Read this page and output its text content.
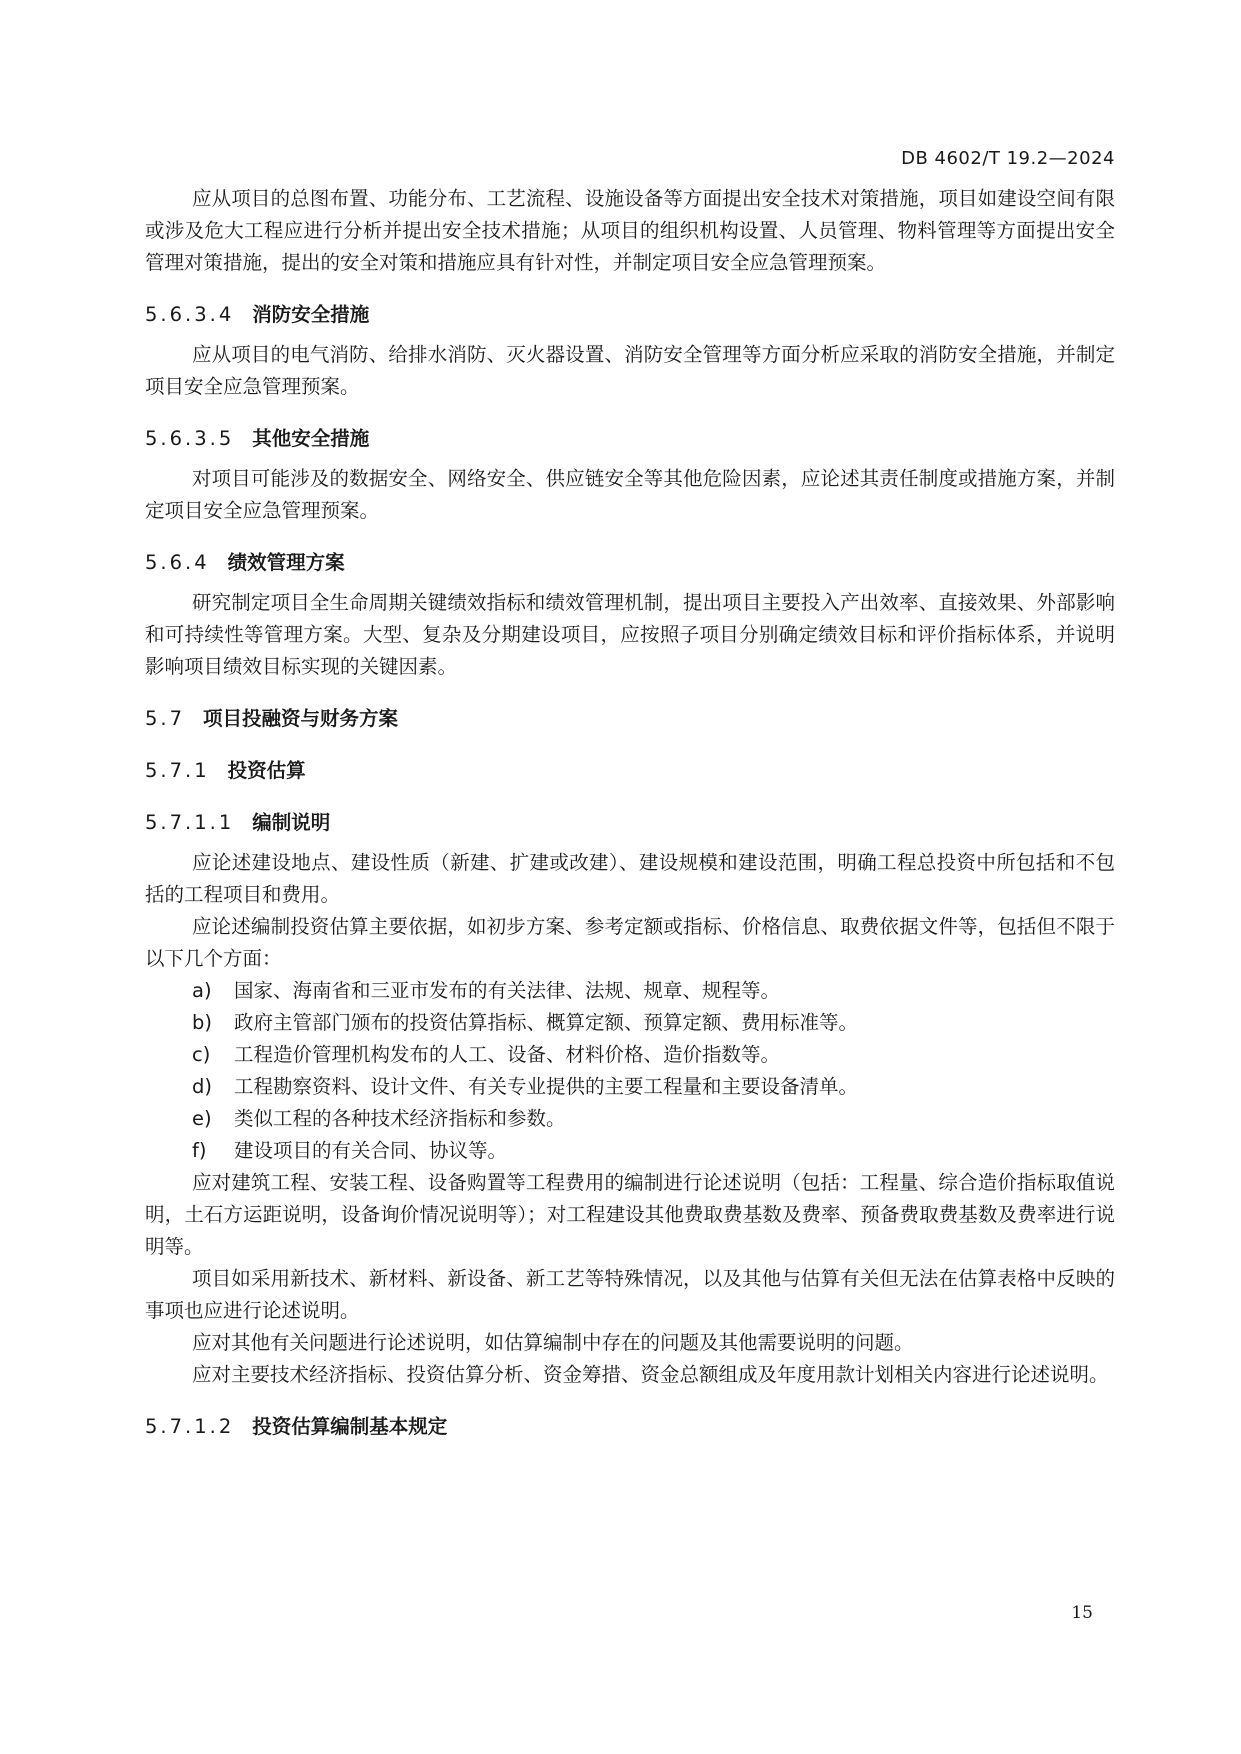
DB 4602/T 19.2—2024

应从项目的总图布置、功能分布、工艺流程、设施设备等方面提出安全技术对策措施，项目如建设空间有限或涉及危大工程应进行分析并提出安全技术措施；从项目的组织机构设置、人员管理、物料管理等方面提出安全管理对策措施，提出的安全对策和措施应具有针对性，并制定项目安全应急管理预案。

5.6.3.4 消防安全措施

应从项目的电气消防、给排水消防、灭火器设置、消防安全管理等方面分析应采取的消防安全措施，并制定项目安全应急管理预案。

5.6.3.5 其他安全措施

对项目可能涉及的数据安全、网络安全、供应链安全等其他危险因素，应论述其责任制度或措施方案，并制定项目安全应急管理预案。

5.6.4 绩效管理方案

研究制定项目全生命周期关键绩效指标和绩效管理机制，提出项目主要投入产出效率、直接效果、外部影响和可持续性等管理方案。大型、复杂及分期建设项目，应按照子项目分别确定绩效目标和评价指标体系，并说明影响项目绩效目标实现的关键因素。

5.7 项目投融资与财务方案
5.7.1 投资估算
5.7.1.1 编制说明

应论述建设地点、建设性质（新建、扩建或改建）、建设规模和建设范围，明确工程总投资中所包括和不包括的工程项目和费用。

应论述编制投资估算主要依据，如初步方案、参考定额或指标、价格信息、取费依据文件等，包括但不限于以下几个方面：

a)	国家、海南省和三亚市发布的有关法律、法规、规章、规程等。
b)	政府主管部门颁布的投资估算指标、概算定额、预算定额、费用标准等。
c)	工程造价管理机构发布的人工、设备、材料价格、造价指数等。
d)	工程勘察资料、设计文件、有关专业提供的主要工程量和主要设备清单。
e)	类似工程的各种技术经济指标和参数。
f)	建设项目的有关合同、协议等。

应对建筑工程、安装工程、设备购置等工程费用的编制进行论述说明（包括：工程量、综合造价指标取值说明，土石方运距说明，设备询价情况说明等）；对工程建设其他费取费基数及费率、预备费取费基数及费率进行说明等。

项目如采用新技术、新材料、新设备、新工艺等特殊情况，以及其他与估算有关但无法在估算表格中反映的事项也应进行论述说明。

应对其他有关问题进行论述说明，如估算编制中存在的问题及其他需要说明的问题。

应对主要技术经济指标、投资估算分析、资金筹措、资金总额组成及年度用款计划相关内容进行论述说明。

5.7.1.2 投资估算编制基本规定
15
